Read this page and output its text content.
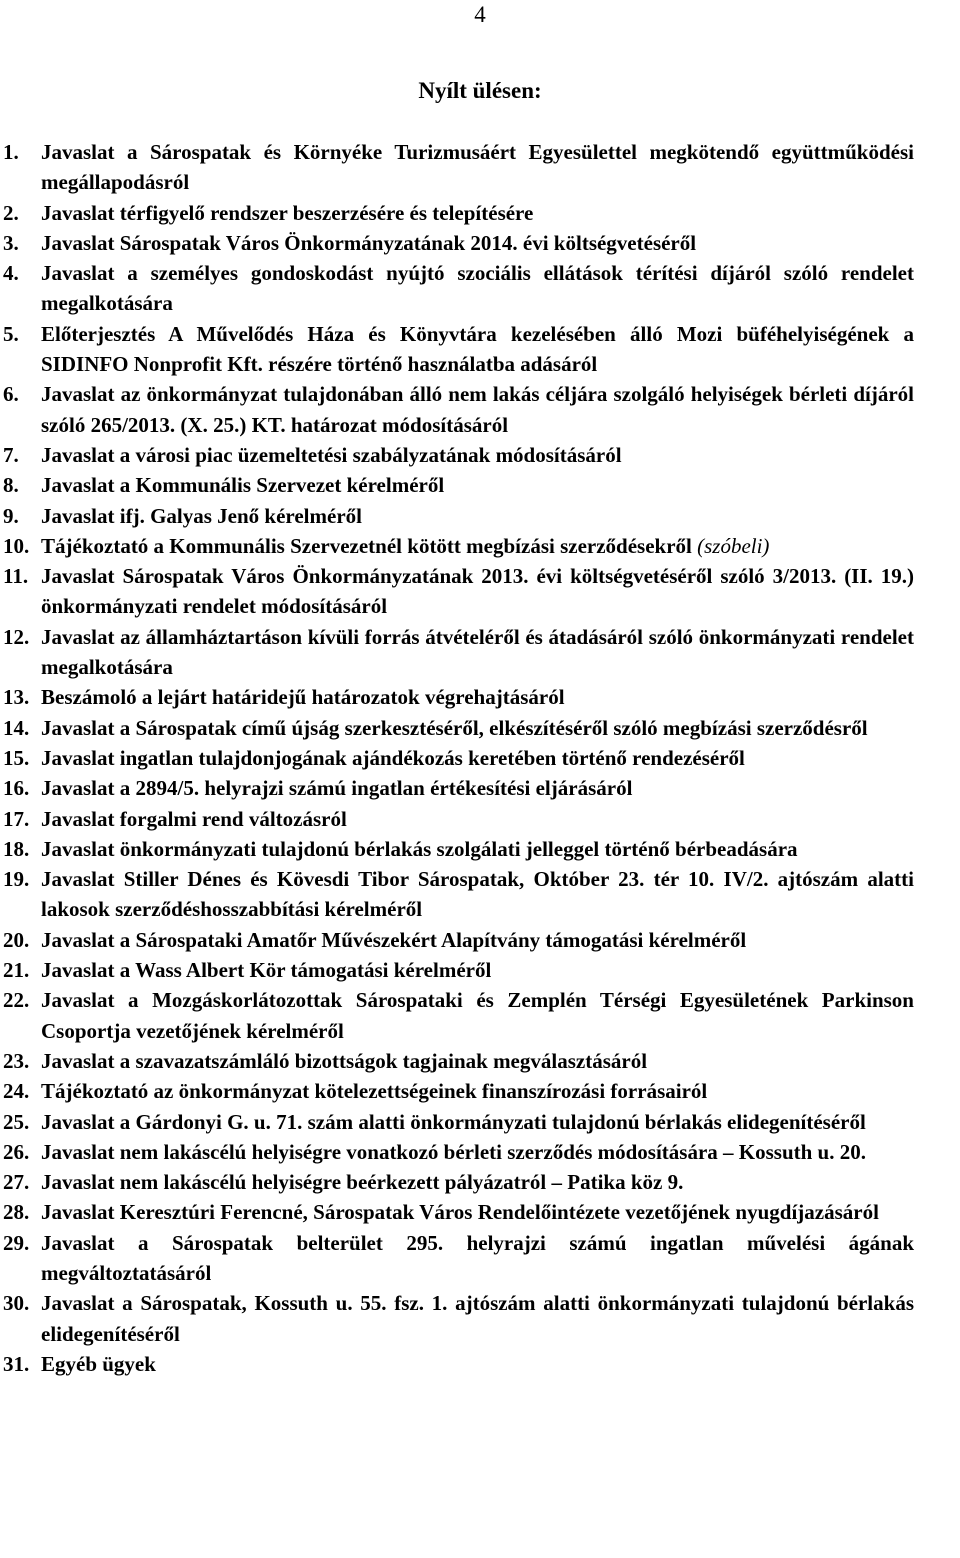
4
Nyílt ülésen:
1. Javaslat a Sárospatak és Környéke Turizmusáért Egyesülettel megkötendő együttműködési megállapodásról
2. Javaslat térfigyelő rendszer beszerzésére és telepítésére
3. Javaslat Sárospatak Város Önkormányzatának 2014. évi költségvetéséről
4. Javaslat a személyes gondoskodást nyújtó szociális ellátások térítési díjáról szóló rendelet megalkotására
5. Előterjesztés A Művelődés Háza és Könyvtára kezelésében álló Mozi büféhelyiségének a SIDINFO Nonprofit Kft. részére történő használatba adásáról
6. Javaslat az önkormányzat tulajdonában álló nem lakás céljára szolgáló helyiségek bérleti díjáról szóló 265/2013. (X. 25.) KT. határozat módosításáról
7. Javaslat a városi piac üzemeltetési szabályzatának módosításáról
8. Javaslat a Kommunális Szervezet kérelméről
9. Javaslat ifj. Galyas Jenő kérelméről
10. Tájékoztató a Kommunális Szervezetnél kötött megbízási szerződésekről (szóbeli)
11. Javaslat Sárospatak Város Önkormányzatának 2013. évi költségvetéséről szóló 3/2013. (II. 19.) önkormányzati rendelet módosításáról
12. Javaslat az államháztartáson kívüli forrás átvételéről és átadásáról szóló önkormányzati rendelet megalkotására
13. Beszámoló a lejárt határidejű határozatok végrehajtásáról
14. Javaslat a Sárospatak című újság szerkesztéséről, elkészítéséről szóló megbízási szerződésről
15. Javaslat ingatlan tulajdonjogának ajándékozás keretében történő rendezéséről
16. Javaslat a 2894/5. helyrajzi számú ingatlan értékesítési eljárásáról
17. Javaslat forgalmi rend változásról
18. Javaslat önkormányzati tulajdonú bérlakás szolgálati jelleggel történő bérbeadására
19. Javaslat Stiller Dénes és Kövesdi Tibor Sárospatak, Október 23. tér 10. IV/2. ajtószám alatti lakosok szerződéshosszabbítási kérelméről
20. Javaslat a Sárospataki Amatőr Művészekért Alapítvány támogatási kérelméről
21. Javaslat a Wass Albert Kör támogatási kérelméről
22. Javaslat a Mozgáskorlátozottak Sárospataki és Zemplén Térségi Egyesületének Parkinson Csoportja vezetőjének kérelméről
23. Javaslat a szavazatszámláló bizottságok tagjainak megválasztásáról
24. Tájékoztató az önkormányzat kötelezettségeinek finanszírozási forrásairól
25. Javaslat a Gárdonyi G. u. 71. szám alatti önkormányzati tulajdonú bérlakás elidegenítéséről
26. Javaslat nem lakáscélú helyiségre vonatkozó bérleti szerződés módosítására – Kossuth u. 20.
27. Javaslat nem lakáscélú helyiségre beérkezett pályázatról – Patika köz 9.
28. Javaslat Keresztúri Ferencné, Sárospatak Város Rendelőintézete vezetőjének nyugdíjazásáról
29. Javaslat a Sárospatak belterület 295. helyrajzi számú ingatlan művelési ágának megváltoztatásáról
30. Javaslat a Sárospatak, Kossuth u. 55. fsz. 1. ajtószám alatti önkormányzati tulajdonú bérlakás elidegenítéséről
31. Egyéb ügyek
